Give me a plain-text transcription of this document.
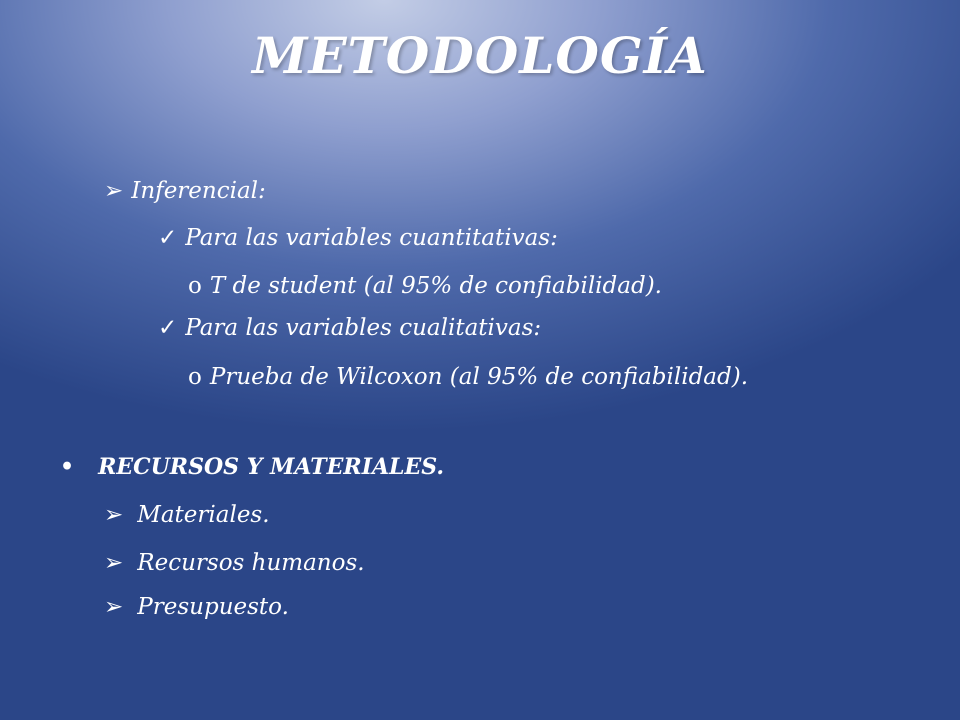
METODOLOGÍA
➢ Inferencial:
✓ Para las variables cuantitativas:
o T de student (al 95% de confiabilidad).
✓ Para las variables cualitativas:
o Prueba de Wilcoxon (al 95% de confiabilidad).
• RECURSOS Y MATERIALES.
➢ Materiales.
➢ Recursos humanos.
➢ Presupuesto.
